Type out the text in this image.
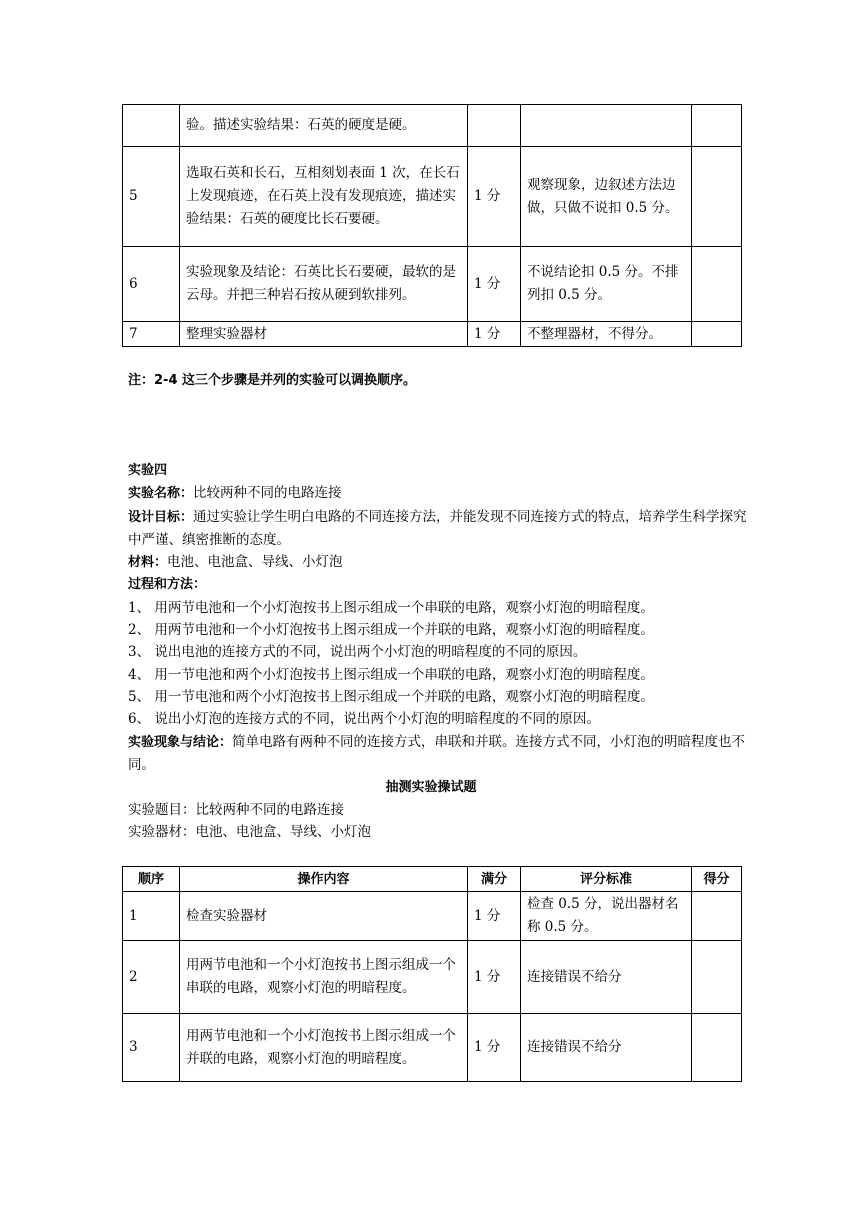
	验。描述实验结果：石英的硬度是硬。			
5	选取石英和长石，互相刻划表面 1 次，在长石上发现痕迹，在石英上没有发现痕迹，描述实验结果：石英的硬度比长石要硬。	1 分	观察现象，边叙述方法边做，只做不说扣 0.5 分。	
6	实验现象及结论：石英比长石要硬，最软的是云母。并把三种岩石按从硬到软排列。	1 分	不说结论扣 0.5 分。不排列扣 0.5 分。	
7	整理实验器材	1 分	不整理器材，不得分。	
注：2-4 这三个步骤是并列的实验可以调换顺序。
实验四
实验名称：比较两种不同的电路连接
设计目标：通过实验让学生明白电路的不同连接方法，并能发现不同连接方式的特点，培养学生科学探究中严谨、缜密推断的态度。
材料：电池、电池盒、导线、小灯泡
过程和方法：
1、 用两节电池和一个小灯泡按书上图示组成一个串联的电路，观察小灯泡的明暗程度。
2、 用两节电池和一个小灯泡按书上图示组成一个并联的电路，观察小灯泡的明暗程度。
3、 说出电池的连接方式的不同，说出两个小灯泡的明暗程度的不同的原因。
4、 用一节电池和两个小灯泡按书上图示组成一个串联的电路，观察小灯泡的明暗程度。
5、 用一节电池和两个小灯泡按书上图示组成一个并联的电路，观察小灯泡的明暗程度。
6、 说出小灯泡的连接方式的不同，说出两个小灯泡的明暗程度的不同的原因。
实验现象与结论：简单电路有两种不同的连接方式，串联和并联。连接方式不同，小灯泡的明暗程度也不同。
抽测实验操试题
实验题目：比较两种不同的电路连接
实验器材：电池、电池盒、导线、小灯泡
顺序	操作内容	满分	评分标准	得分
1	检查实验器材	1 分	检查 0.5 分，说出器材名称 0.5 分。	
2	用两节电池和一个小灯泡按书上图示组成一个串联的电路，观察小灯泡的明暗程度。	1 分	连接错误不给分	
3	用两节电池和一个小灯泡按书上图示组成一个并联的电路，观察小灯泡的明暗程度。	1 分	连接错误不给分	
